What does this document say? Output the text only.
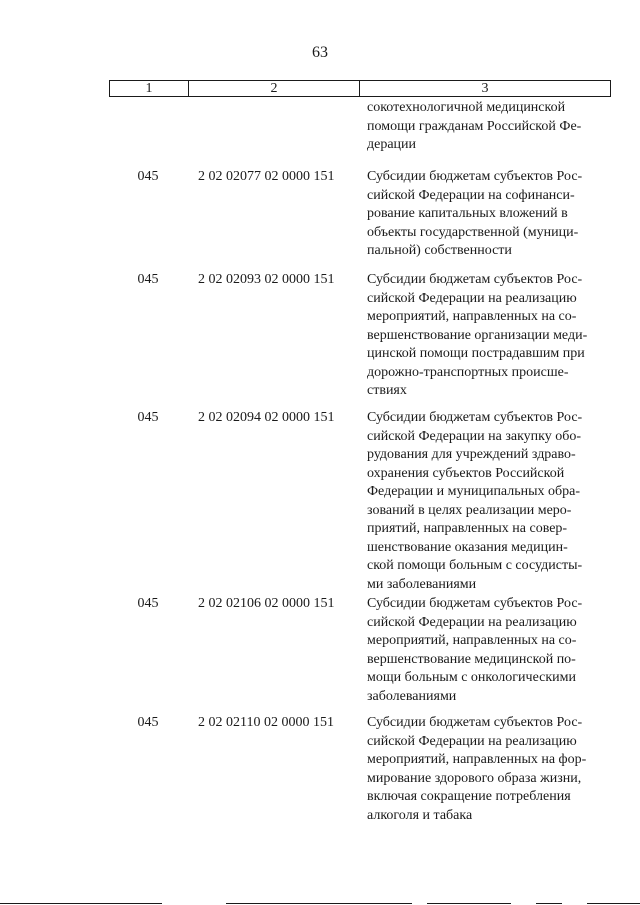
63
1	2	3
сокотехнологичной медицинской
помощи гражданам Российской Фе-
дерации
045	2 02 02077 02 0000 151	Субсидии бюджетам субъектов Рос-
сийской Федерации на софинанси-
рование капитальных вложений в
объекты государственной (муници-
пальной) собственности
045	2 02 02093 02 0000 151	Субсидии бюджетам субъектов Рос-
сийской Федерации на реализацию
мероприятий, направленных на со-
вершенствование организации меди-
цинской помощи пострадавшим при
дорожно-транспортных происше-
ствиях
045	2 02 02094 02 0000 151	Субсидии бюджетам субъектов Рос-
сийской Федерации на закупку обо-
рудования для учреждений здраво-
охранения субъектов Российской
Федерации и муниципальных обра-
зований в целях реализации меро-
приятий, направленных на совер-
шенствование оказания медицин-
ской помощи больным с сосудисты-
ми заболеваниями
045	2 02 02106 02 0000 151	Субсидии бюджетам субъектов Рос-
сийской Федерации на реализацию
мероприятий, направленных на со-
вершенствование медицинской по-
мощи больным с онкологическими
заболеваниями
045	2 02 02110 02 0000 151	Субсидии бюджетам субъектов Рос-
сийской Федерации на реализацию
мероприятий, направленных на фор-
мирование здорового образа жизни,
включая сокращение потребления
алкоголя и табака
